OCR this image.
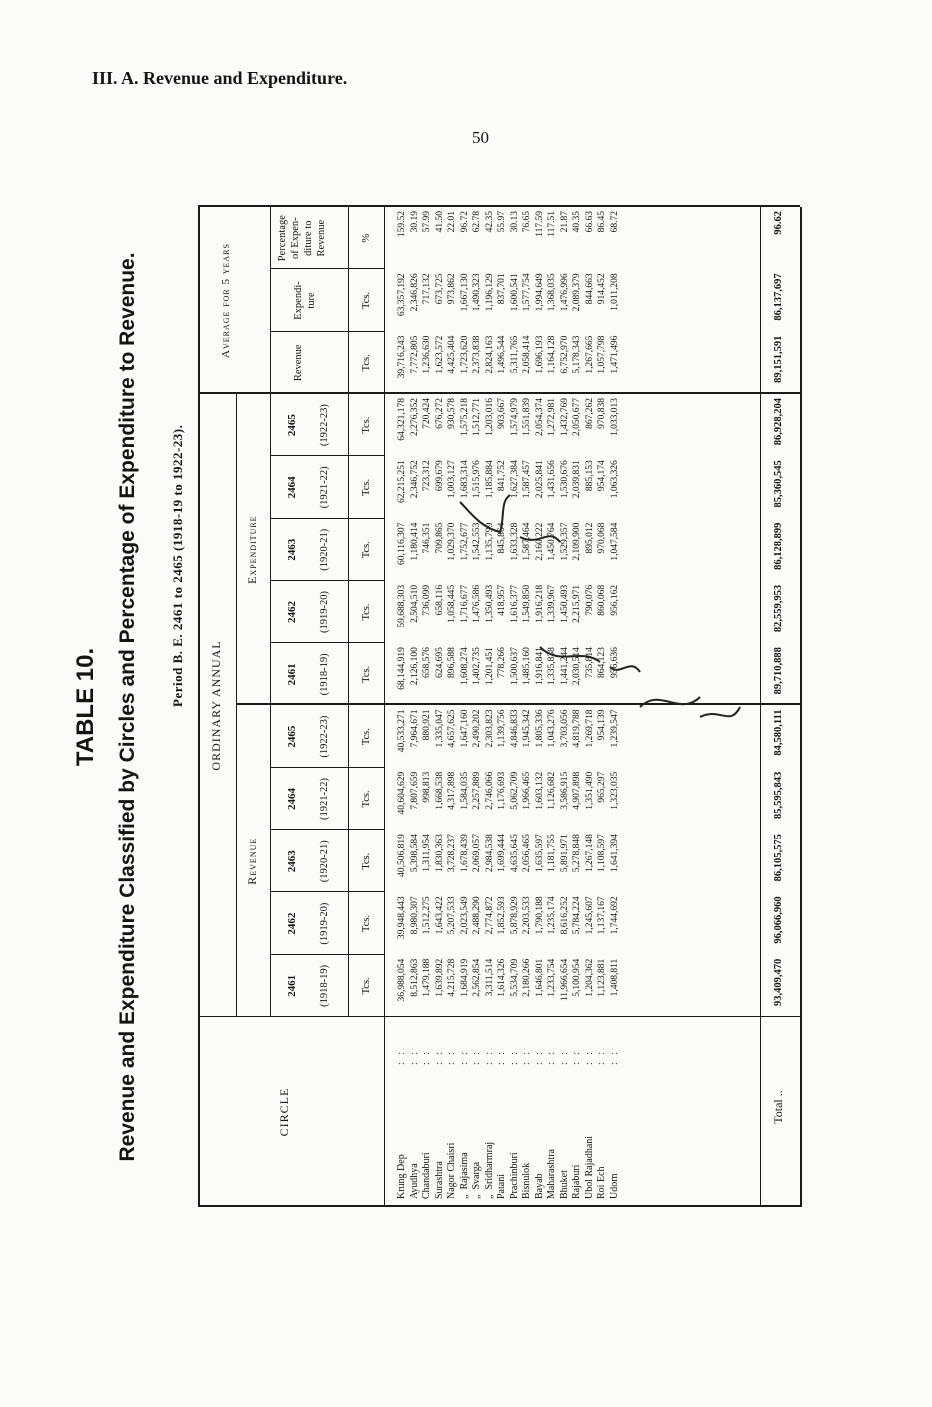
III. A. Revenue and Expenditure.
50
TABLE 10. Revenue and Expenditure Classified by Circles and Percentage of Expenditure to Revenue. Period B. E. 2461 to 2465 (1918-19 to 1922-23).
CIRCLE
ORDINARY ANNUAL
Revenue
Expenditure
Average for 5 years
2461 (1918-19)
2462 (1919-20)
2463 (1920-21)
2464 (1921-22)
2465 (1922-23)
2461 (1918-19)
2462 (1919-20)
2463 (1920-21)
2464 (1921-22)
2465 (1922-23)
Revenue
Expendi-
ture
Percentage
of Expen-
diture to
Revenue
Tcs.
Tcs.
Tcs.
Tcs.
Tcs.
Tcs.
Tcs.
Tcs.
Tcs.
Tcs.
Tcs.
Tcs.
%
Krung Dep
Ayudhya
Chandaburi
Surashtra
Nagor Chaisri
„  Rajasima
„  Svarga
„  Sridharmraj
Patani
Prachinburi
Bisnulok
Bayab
Maharashtra
Bhuket
Rajaburi
Ubol Rajadhani
Roi Ech
Udorn
:   :
:   :
:   :
:   :
:   :
:   :
:   :
:   :
:   :
:   :
:   :
:   :
:   :
:   :
:   :
:   :
:   :
:   :
36,988,054
8,512,863
1,479,188
1,639,892
4,215,728
1,684,919
2,562,854
3,311,514
1,614,326
5,534,709
2,180,266
1,646,801
1,233,754
11,966,654
5,100,954
1,204,362
1,123,881
1,408,811
39,948,443
8,980,307
1,512,275
1,643,422
5,207,533
2,023,549
2,488,290
2,774,872
1,852,593
5,878,929
2,203,533
1,790,188
1,235,174
8,616,252
5,784,224
1,245,607
1,137,167
1,744,692
40,506,819
5,398,584
1,311,954
1,830,363
3,728,237
1,678,439
2,069,057
2,984,538
1,699,444
4,635,645
2,056,465
1,635,597
1,181,755
5,891,971
5,278,848
1,267,148
1,108,597
1,641,394
40,604,629
7,807,659
998,813
1,668,538
4,317,898
1,584,035
2,257,889
2,746,066
1,176,693
5,062,709
1,966,465
1,603,132
1,126,682
3,586,915
4,907,898
1,351,490
965,297
1,323,035
40,533,271
7,964,671
880,921
1,335,047
4,657,625
1,647,160
2,490,202
2,303,823
1,139,756
4,846,833
1,945,342
1,805,336
1,043,276
3,703,056
4,819,788
1,269,718
954,139
1,239,547
68,144,919
2,126,100
658,576
624,695
896,588
1,608,274
1,402,735
1,201,451
778,266
1,500,637
1,485,160
1,916,841
1,335,838
1,441,244
2,030,514
735,814
864,123
956,636
59,688,303
2,504,510
736,099
658,116
1,058,445
1,716,677
1,476,586
1,350,493
418,957
1,616,377
1,549,850
1,916,218
1,339,967
1,450,493
2,215,971
790,076
860,068
956,162
60,116,307
1,180,414
746,351
709,865
1,029,370
1,752,677
1,542,553
1,135,799
845,864
1,633,328
1,587,464
2,160,222
1,450,764
1,529,357
2,109,900
895,012
970,068
1,047,584
62,215,251
2,346,752
723,312
699,679
1,003,127
1,683,314
1,515,976
1,185,884
841,752
1,627,384
1,587,457
2,025,841
1,431,656
1,530,676
2,039,831
885,153
954,174
1,063,326
64,321,178
2,276,352
720,424
676,272
930,578
1,575,218
1,512,771
1,203,016
903,667
1,574,979
1,551,839
2,054,374
1,272,981
1,432,769
2,050,677
867,262
970,838
1,033,013
39,716,243
7,772,805
1,236,630
1,623,572
4,425,404
1,723,620
2,373,838
2,824,163
1,496,544
5,311,765
2,058,414
1,696,193
1,164,128
6,752,970
5,178,343
1,267,665
1,057,798
1,471,496
63,357,192
2,346,826
717,132
673,725
973,862
1,667,130
1,490,323
1,196,129
837,701
1,600,541
1,577,754
1,994,649
1,368,035
1,476,996
2,089,379
844,663
914,452
1,011,208
159.52
30.19
57.99
41.50
22.01
96.72
62.78
42.35
55.97
30.13
76.65
117.59
117.51
21.87
40.35
66.63
86.45
68.72
Total ..
93,409,470
96,066,960
86,105,575
85,595,843
84,580,111
89,710,888
82,559,953
86,128,899
85,360,545
86,928,204
89,151,591
86,137,697
96.62
